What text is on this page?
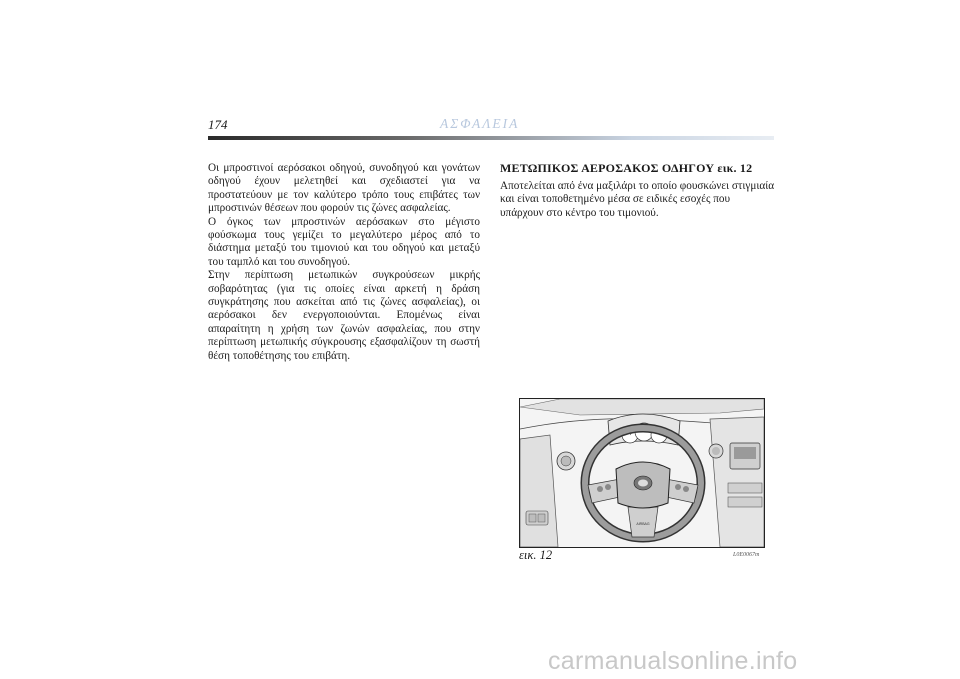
174	ΑΣΦΑΛΕΙΑ

Οι μπροστινοί αερόσακοι οδηγού, συνοδηγού και γονάτων οδηγού έχουν μελετηθεί και σχεδιαστεί για να προστατεύουν με τον καλύτερο τρόπο τους επιβάτες των μπροστινών θέσεων που φορούν τις ζώνες ασφαλείας.

Ο όγκος των μπροστινών αερόσακων στο μέγιστο φούσκωμα τους γεμίζει το μεγαλύτερο μέρος από το διάστημα μεταξύ του τιμονιού και του οδηγού και μεταξύ του ταμπλό και του συνοδηγού.

Στην περίπτωση μετωπικών συγκρούσεων μικρής σοβαρότητας (για τις οποίες είναι αρκετή η δράση συγκράτησης που ασκείται από τις ζώνες ασφαλείας), οι αερόσακοι δεν ενεργοποιούνται. Επομένως είναι απαραίτητη η χρήση των ζωνών ασφαλείας, που στην περίπτωση μετωπικής σύγκρουσης εξασφαλίζουν τη σωστή θέση τοποθέτησης του επιβάτη.

ΜΕΤΩΠΙΚΟΣ ΑΕΡΟΣΑΚΟΣ ΟΔΗΓΟΥ εικ. 12
Αποτελείται από ένα μαξιλάρι το οποίο φουσκώνει στιγμιαία και είναι τοποθετημένο μέσα σε ειδικές εσοχές που υπάρχουν στο κέντρο του τιμονιού.
AIRBAG
εικ. 12	L0E0067m
carmanualsonline.info
